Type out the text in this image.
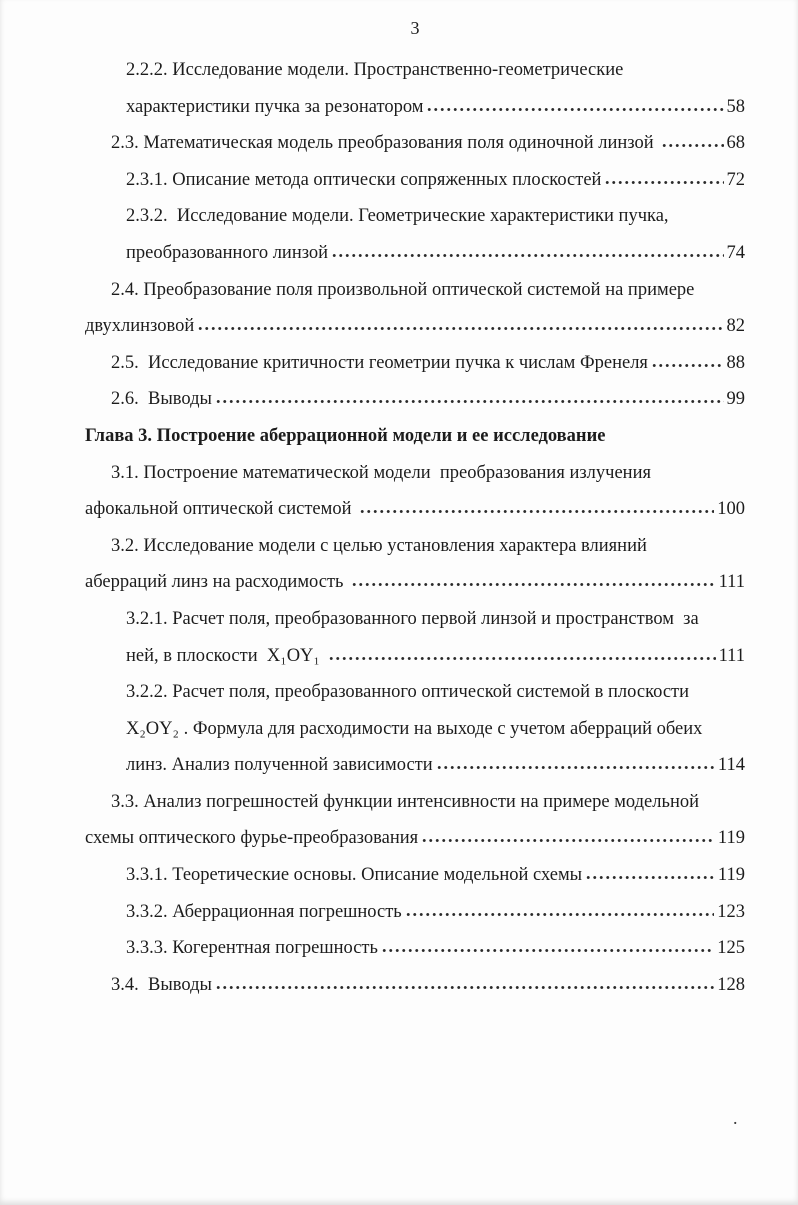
3
2.2.2. Исследование модели. Пространственно-геометрические
характеристики пучка за резонатором	58
2.3. Математическая модель преобразования поля одиночной линзой	68
2.3.1. Описание метода оптически сопряженных плоскостей	72
2.3.2.  Исследование модели. Геометрические характеристики пучка,
преобразованного линзой	74
2.4. Преобразование поля произвольной оптической системой на примере
двухлинзовой	82
2.5.  Исследование критичности геометрии пучка к числам Френеля	88
2.6.  Выводы	99
Глава 3. Построение аберрационной модели и ее исследование
3.1. Построение математической модели  преобразования излучения
афокальной оптической системой	100
3.2. Исследование модели с целью установления характера влияний
аберраций линз на расходимость	111
3.2.1. Расчет поля, преобразованного первой линзой и пространством  за
ней, в плоскости  X₁OY₁	111
3.2.2. Расчет поля, преобразованного оптической системой в плоскости
X₂OY₂ . Формула для расходимости на выходе с учетом аберраций обеих
линз. Анализ полученной зависимости	114
3.3. Анализ погрешностей функции интенсивности на примере модельной
схемы оптического фурье-преобразования	119
3.3.1. Теоретические основы. Описание модельной схемы	119
3.3.2. Аберрационная погрешность	123
3.3.3. Когерентная погрешность	125
3.4.  Выводы	128
.
